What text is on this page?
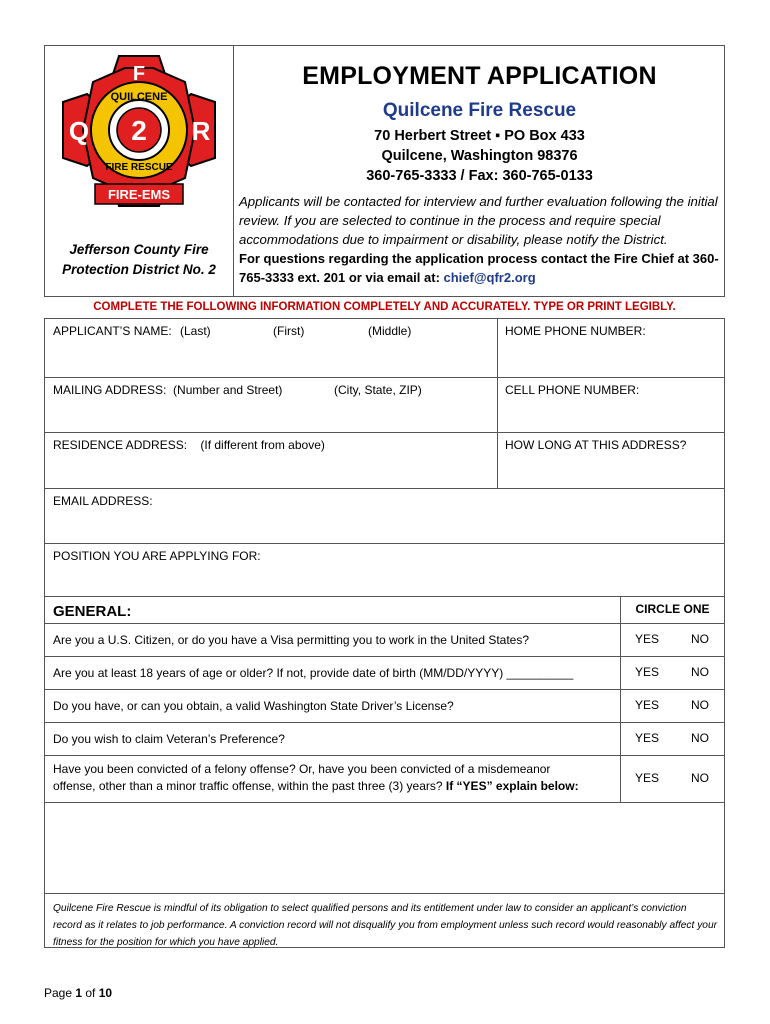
2
F
Q	R
QUILCENE
FIRE RESCUE
FIRE-EMS
Jefferson County Fire
Protection District No. 2
EMPLOYMENT APPLICATION
Quilcene Fire Rescue
70 Herbert Street ▪ PO Box 433
Quilcene, Washington 98376
360-765-3333 / Fax: 360-765-0133
Applicants will be contacted for interview and further evaluation following the initial review. If you are selected to continue in the process and require special accommodations due to impairment or disability, please notify the District.
For questions regarding the application process contact the Fire Chief at 360-765-3333 ext. 201 or via email at: chief@qfr2.org
COMPLETE THE FOLLOWING INFORMATION COMPLETELY AND ACCURATELY. TYPE OR PRINT LEGIBLY.
APPLICANT’S NAME: (Last)	(First)	(Middle)	HOME PHONE NUMBER:
MAILING ADDRESS:  (Number and Street)	(City, State, ZIP)	CELL PHONE NUMBER:
RESIDENCE ADDRESS:    (If different from above)	HOW LONG AT THIS ADDRESS?
EMAIL ADDRESS:
POSITION YOU ARE APPLYING FOR:
GENERAL:	CIRCLE ONE
Are you a U.S. Citizen, or do you have a Visa permitting you to work in the United States?	YES	NO
Are you at least 18 years of age or older? If not, provide date of birth (MM/DD/YYYY) __________	YES	NO
Do you have, or can you obtain, a valid Washington State Driver’s License?	YES	NO
Do you wish to claim Veteran’s Preference?	YES	NO
Have you been convicted of a felony offense? Or, have you been convicted of a misdemeanor
offense, other than a minor traffic offense, within the past three (3) years? If “YES” explain below:
YES	NO
Quilcene Fire Rescue is mindful of its obligation to select qualified persons and its entitlement under law to consider an applicant’s conviction record as it relates to job performance. A conviction record will not disqualify you from employment unless such record would reasonably affect your fitness for the position for which you have applied.
Page 1 of 10
